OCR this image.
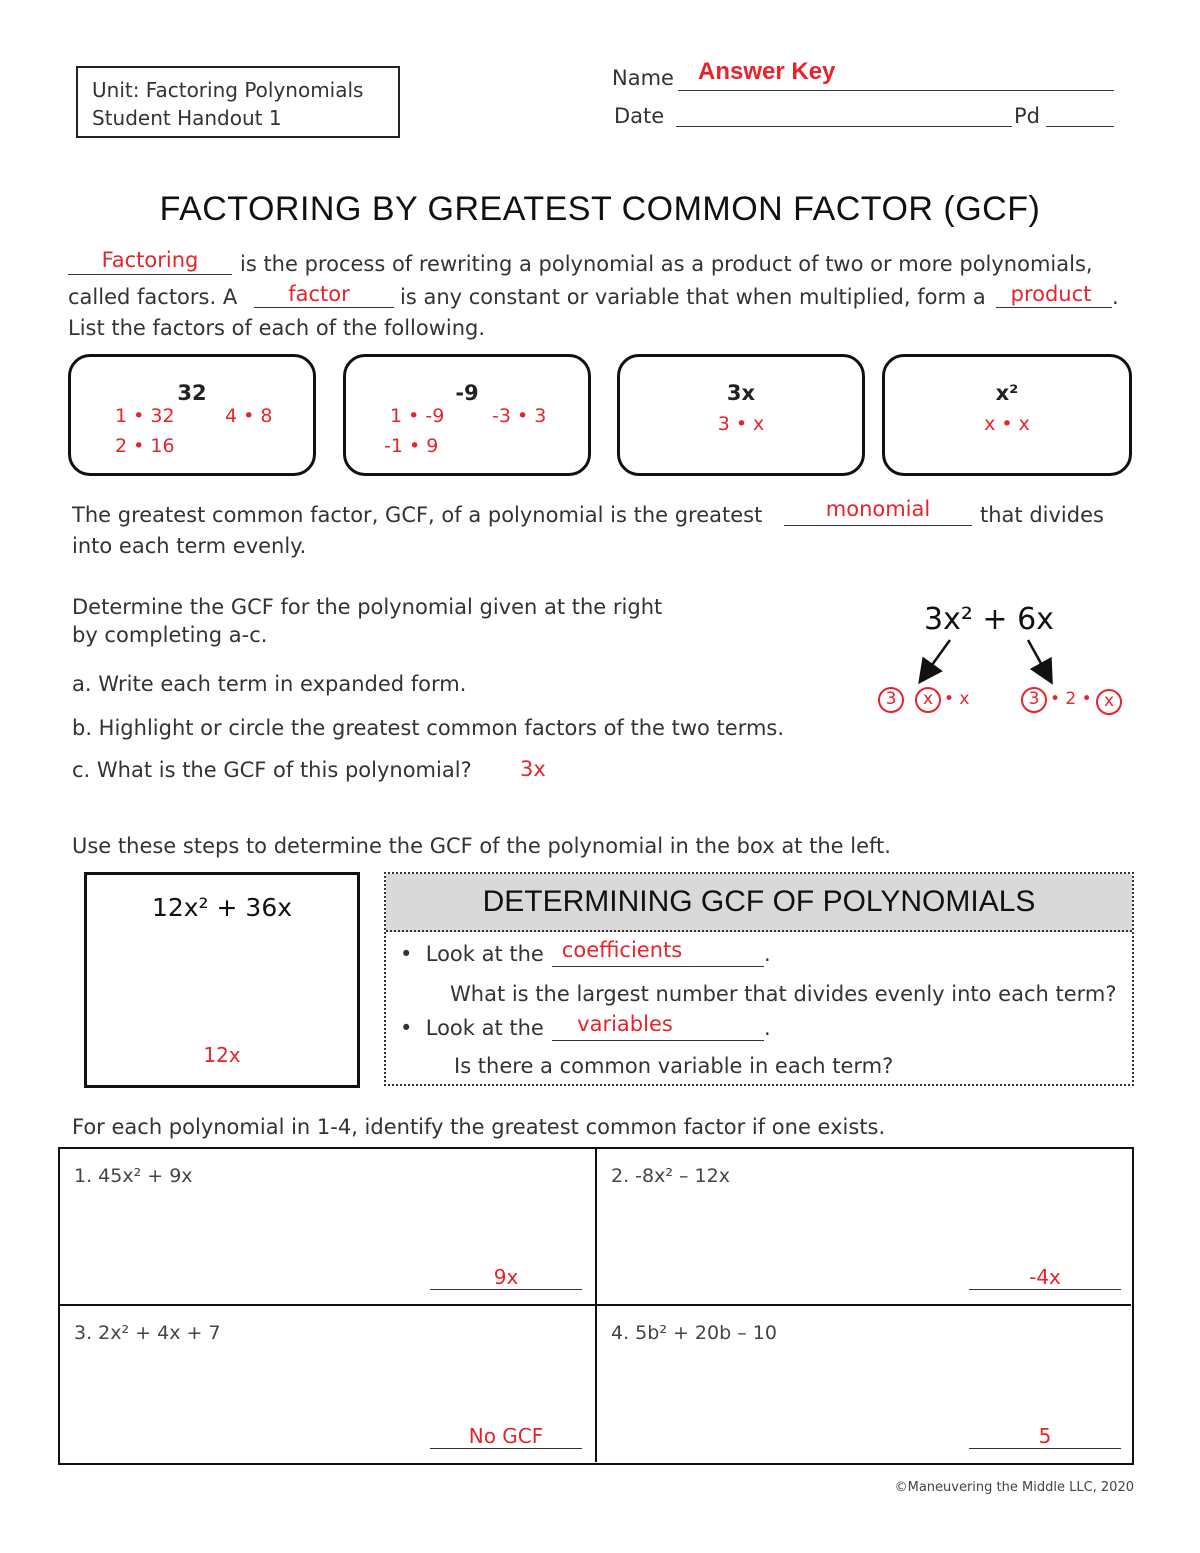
Unit: Factoring Polynomials
Student Handout 1
Name Answer Key
Date	Pd
FACTORING BY GREATEST COMMON FACTOR (GCF)
Factoring	is the process of rewriting a polynomial as a product of two or more polynomials,
called factors. A	factor	is any constant or variable that when multiplied, form a	product .
List the factors of each of the following.
32
1 • 32	4 • 8
2 • 16
-9
1 • -9	-3 • 3
-1 • 9
3x
3 • x
x²
x • x
The greatest common factor, GCF, of a polynomial is the greatest	monomial	that divides
into each term evenly.
Determine the GCF for the polynomial given at the right
by completing a-c.
a. Write each term in expanded form.
b. Highlight or circle the greatest common factors of the two terms.
c. What is the GCF of this polynomial? 3x
3x² + 6x
3	x • x	3 • 2 • x
Use these steps to determine the GCF of the polynomial in the box at the left.
12x² + 36x
12x
DETERMINING GCF OF POLYNOMIALS
•  Look at the coefficients	.
What is the largest number that divides evenly into each term?
•  Look at the	variables	.
Is there a common variable in each term?
For each polynomial in 1-4, identify the greatest common factor if one exists.
1. 45x² + 9x
9x
2. -8x² – 12x
-4x
3. 2x² + 4x + 7
No GCF
4. 5b² + 20b – 10
5
©Maneuvering the Middle LLC, 2020
